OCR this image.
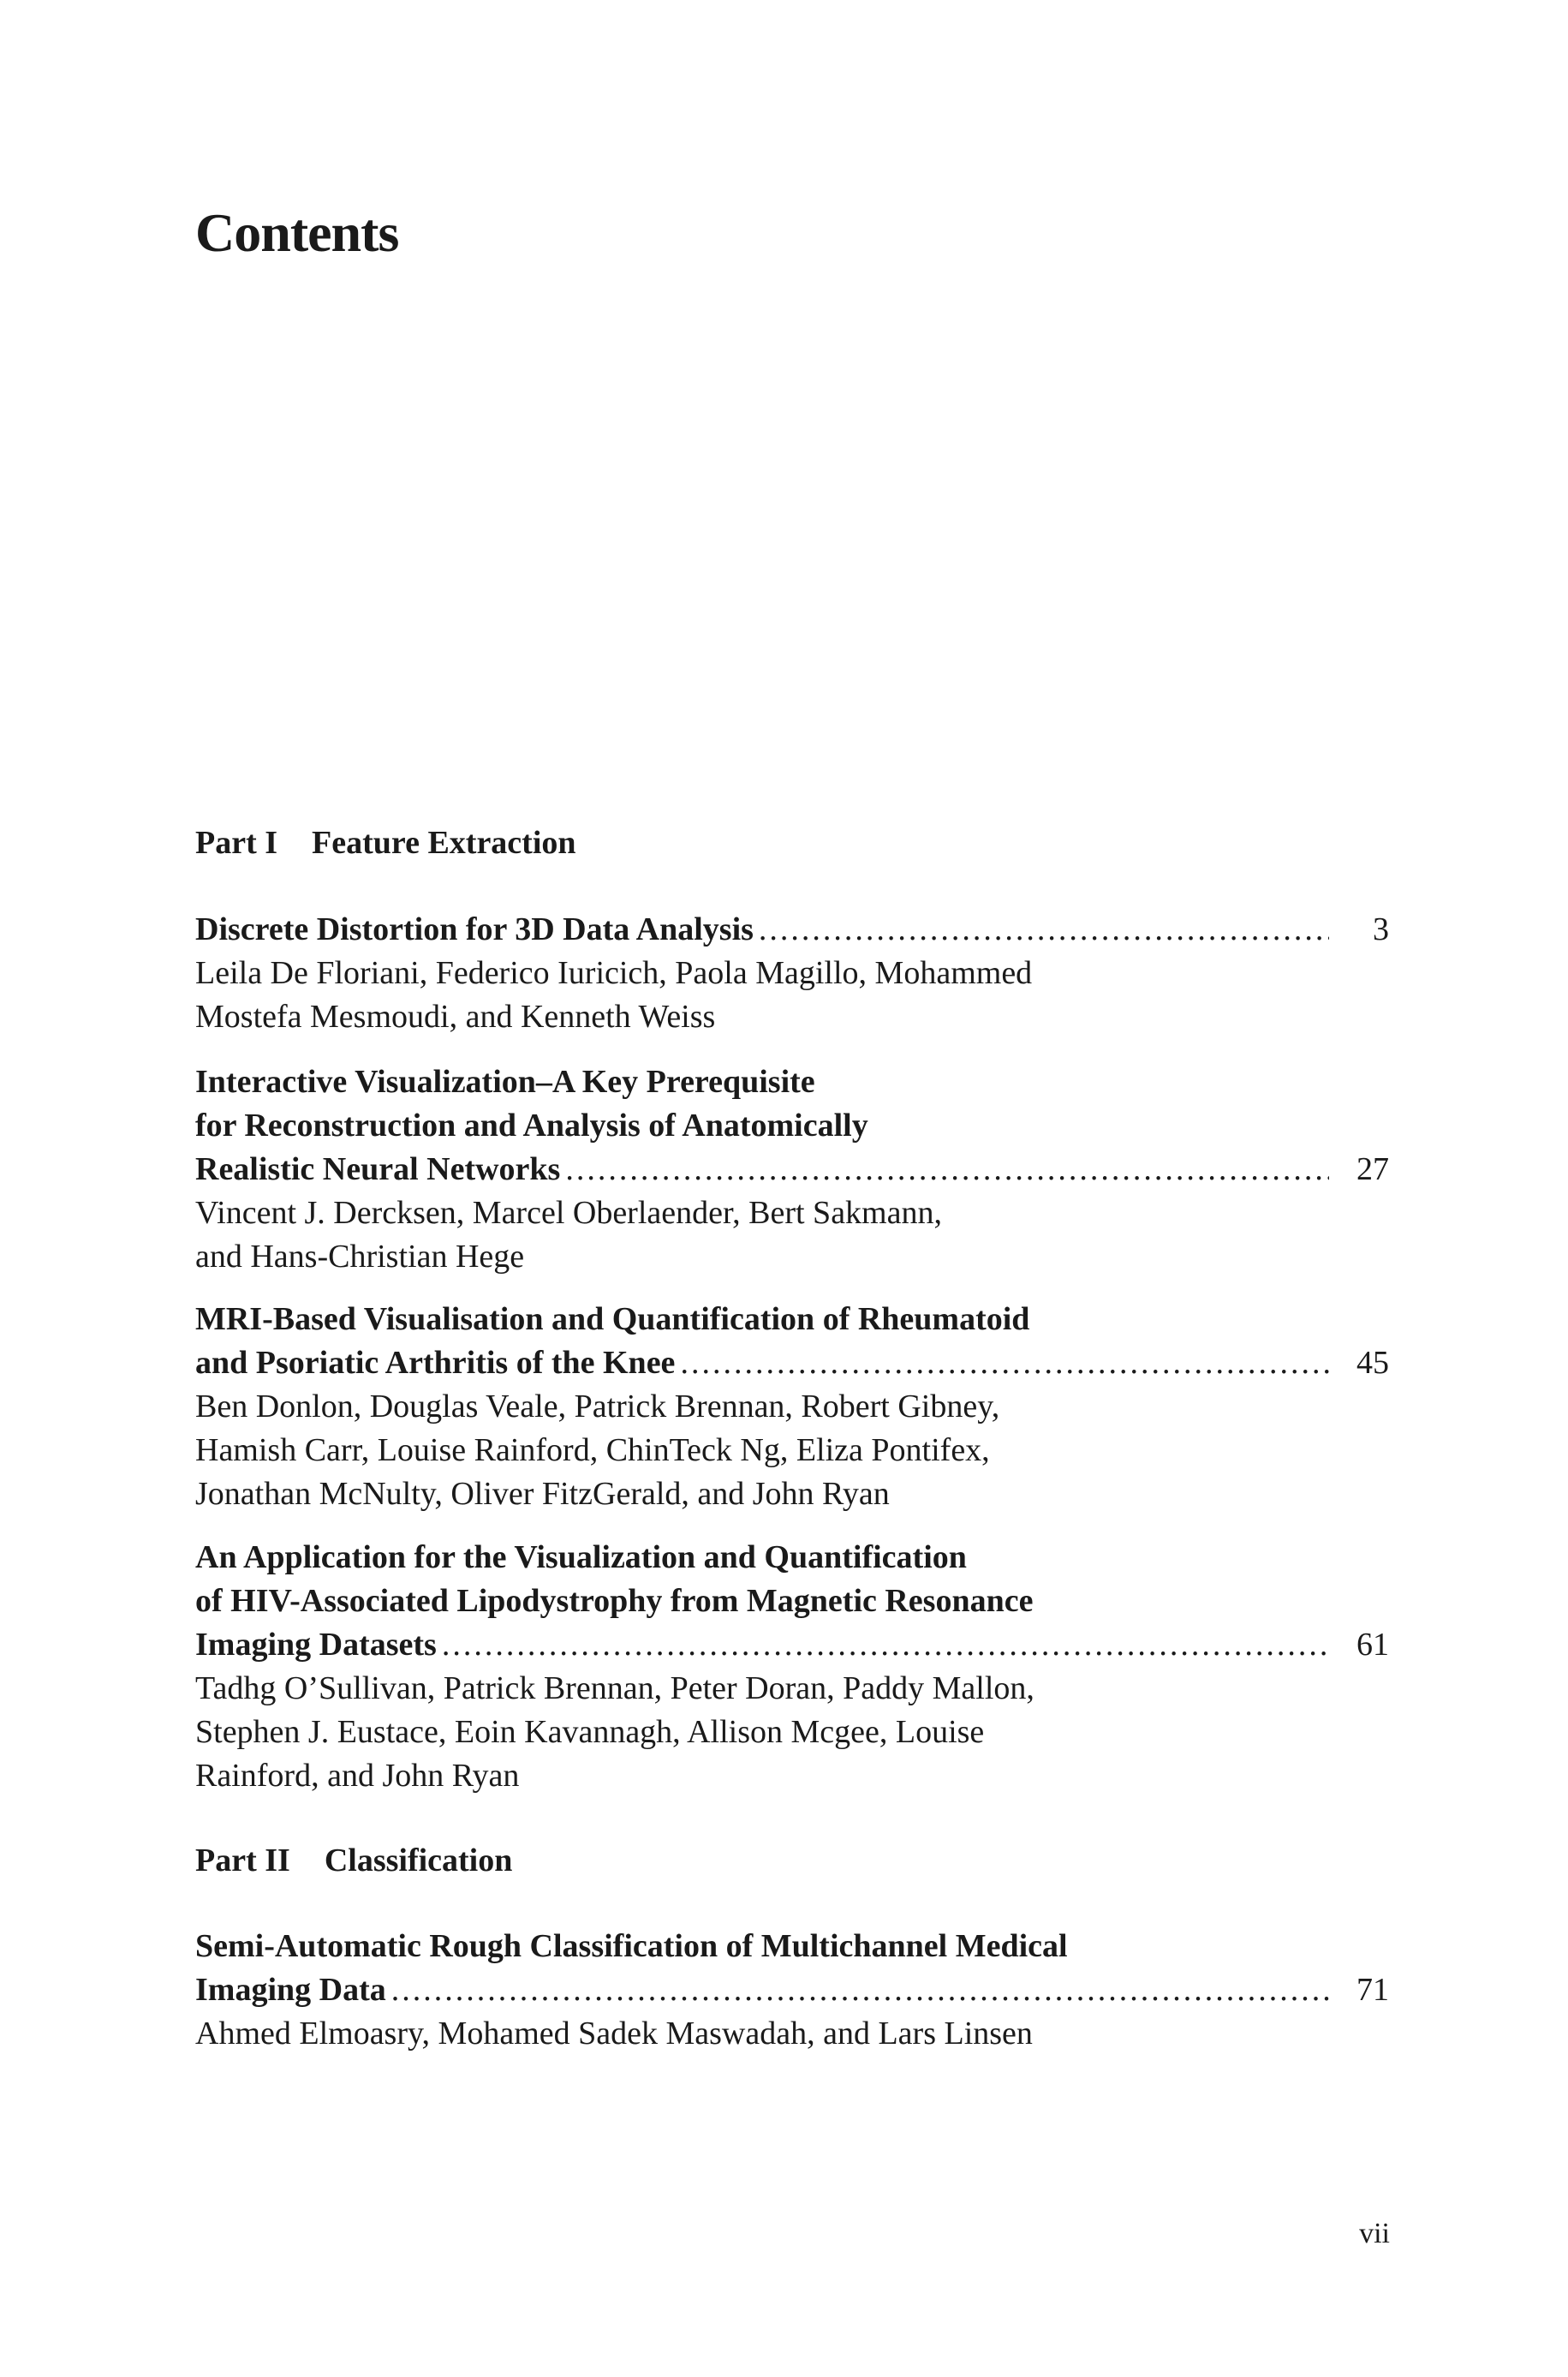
Contents
Part I Feature Extraction
Discrete Distortion for 3D Data Analysis .....	3
Leila De Floriani, Federico Iuricich, Paola Magillo, Mohammed
Mostefa Mesmoudi, and Kenneth Weiss
Interactive Visualization–A Key Prerequisite
for Reconstruction and Analysis of Anatomically
Realistic Neural Networks .....	27
Vincent J. Dercksen, Marcel Oberlaender, Bert Sakmann,
and Hans-Christian Hege
MRI-Based Visualisation and Quantification of Rheumatoid
and Psoriatic Arthritis of the Knee .....	45
Ben Donlon, Douglas Veale, Patrick Brennan, Robert Gibney,
Hamish Carr, Louise Rainford, ChinTeck Ng, Eliza Pontifex,
Jonathan McNulty, Oliver FitzGerald, and John Ryan
An Application for the Visualization and Quantification
of HIV-Associated Lipodystrophy from Magnetic Resonance
Imaging Datasets .....	61
Tadhg O’Sullivan, Patrick Brennan, Peter Doran, Paddy Mallon,
Stephen J. Eustace, Eoin Kavannagh, Allison Mcgee, Louise
Rainford, and John Ryan
Part II Classification
Semi-Automatic Rough Classification of Multichannel Medical
Imaging Data .....	71
Ahmed Elmoasry, Mohamed Sadek Maswadah, and Lars Linsen
vii
